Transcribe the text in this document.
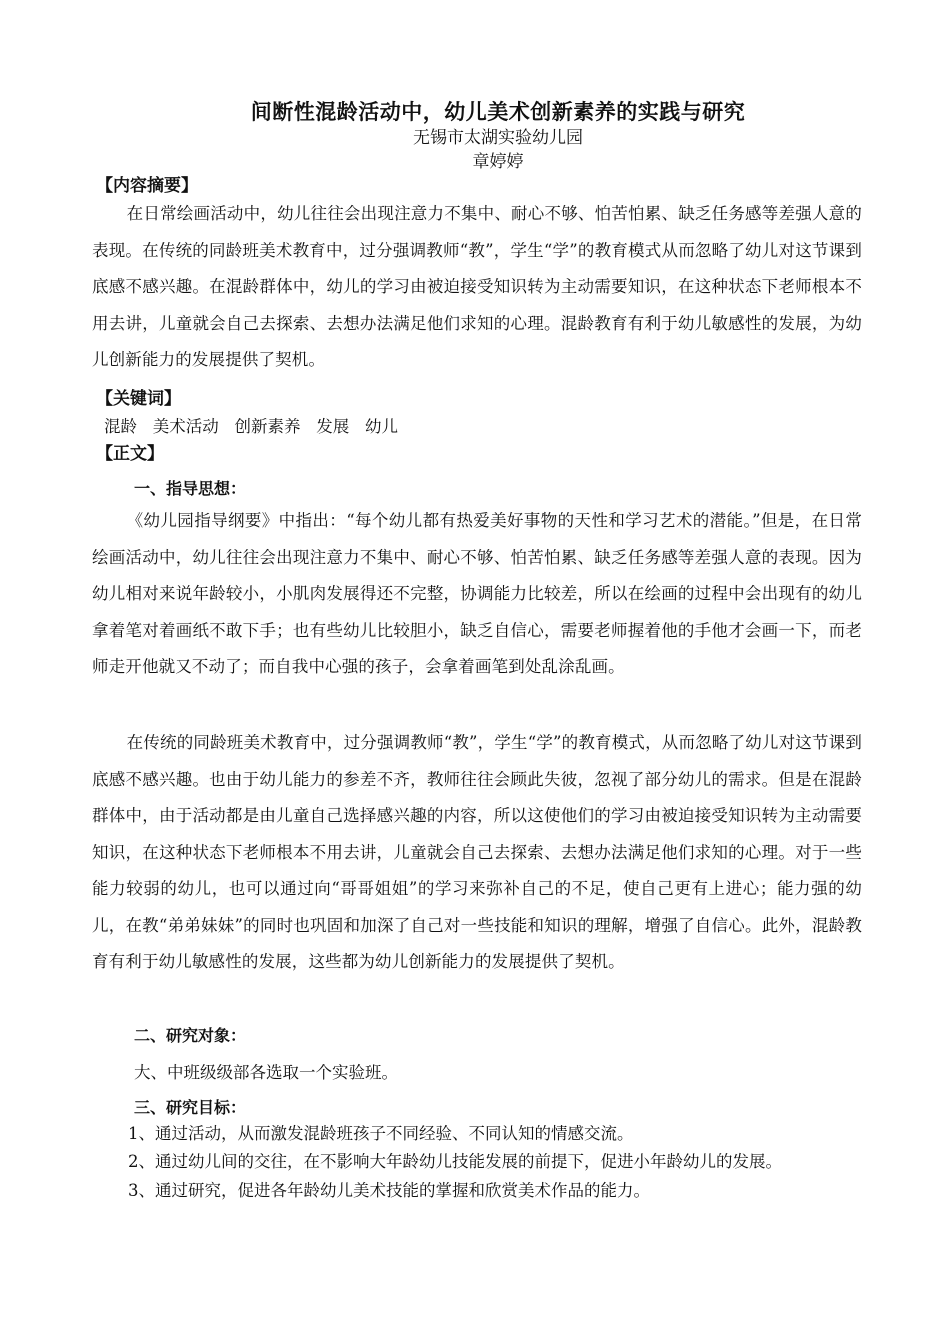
间断性混龄活动中，幼儿美术创新素养的实践与研究
无锡市太湖实验幼儿园
章婷婷
【内容摘要】

在日常绘画活动中，幼儿往往会出现注意力不集中、耐心不够、怕苦怕累、缺乏任务感等差强人意的表现。在传统的同龄班美术教育中，过分强调教师“教”，学生“学”的教育模式从而忽略了幼儿对这节课到底感不感兴趣。在混龄群体中，幼儿的学习由被迫接受知识转为主动需要知识，在这种状态下老师根本不用去讲，儿童就会自己去探索、去想办法满足他们求知的心理。混龄教育有利于幼儿敏感性的发展，为幼儿创新能力的发展提供了契机。

【关键词】
混龄 美术活动 创新素养 发展 幼儿
【正文】
一、指导思想：

《幼儿园指导纲要》中指出：“每个幼儿都有热爱美好事物的天性和学习艺术的潜能。”但是，在日常绘画活动中，幼儿往往会出现注意力不集中、耐心不够、怕苦怕累、缺乏任务感等差强人意的表现。因为幼儿相对来说年龄较小，小肌肉发展得还不完整，协调能力比较差，所以在绘画的过程中会出现有的幼儿拿着笔对着画纸不敢下手；也有些幼儿比较胆小，缺乏自信心，需要老师握着他的手他才会画一下，而老师走开他就又不动了；而自我中心强的孩子，会拿着画笔到处乱涂乱画。

在传统的同龄班美术教育中，过分强调教师“教”，学生“学”的教育模式，从而忽略了幼儿对这节课到底感不感兴趣。也由于幼儿能力的参差不齐，教师往往会顾此失彼，忽视了部分幼儿的需求。但是在混龄群体中，由于活动都是由儿童自己选择感兴趣的内容，所以这使他们的学习由被迫接受知识转为主动需要知识，在这种状态下老师根本不用去讲，儿童就会自己去探索、去想办法满足他们求知的心理。对于一些能力较弱的幼儿，也可以通过向“哥哥姐姐”的学习来弥补自己的不足，使自己更有上进心；能力强的幼儿，在教“弟弟妹妹”的同时也巩固和加深了自己对一些技能和知识的理解，增强了自信心。此外，混龄教育有利于幼儿敏感性的发展，这些都为幼儿创新能力的发展提供了契机。

二、研究对象：
大、中班级级部各选取一个实验班。
三、研究目标：
1、通过活动，从而激发混龄班孩子不同经验、不同认知的情感交流。
2、通过幼儿间的交往，在不影响大年龄幼儿技能发展的前提下，促进小年龄幼儿的发展。
3、通过研究，促进各年龄幼儿美术技能的掌握和欣赏美术作品的能力。
